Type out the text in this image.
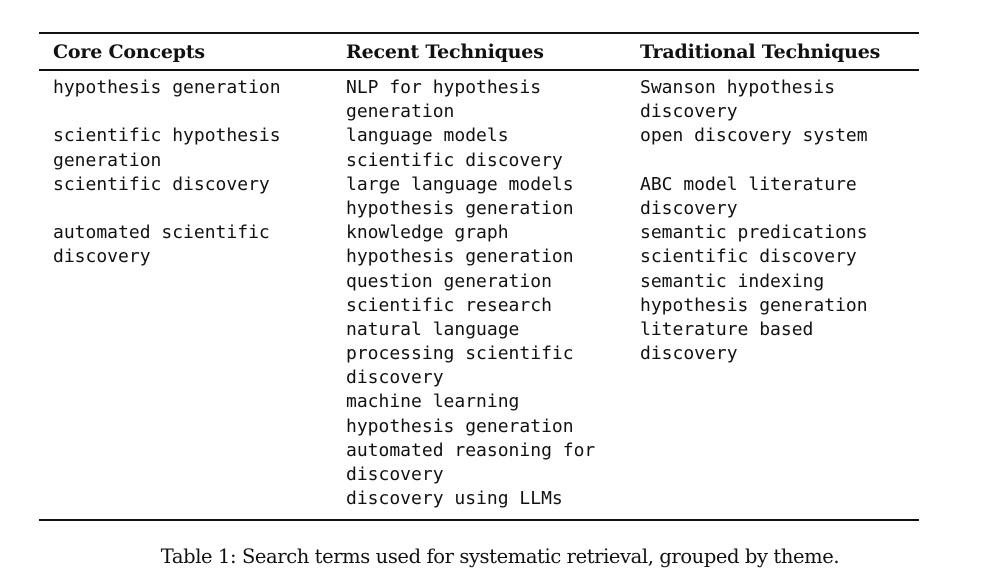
Core Concepts	Recent Techniques	Traditional Techniques
hypothesis generation
scientific hypothesis
generation
scientific discovery
automated scientific
discovery
NLP for hypothesis
generation
language models
scientific discovery
large language models
hypothesis generation
knowledge graph
hypothesis generation
question generation
scientific research
natural language
processing scientific
discovery
machine learning
hypothesis generation
automated reasoning for
discovery
discovery using LLMs
Swanson hypothesis
discovery
open discovery system
ABC model literature
discovery
semantic predications
scientific discovery
semantic indexing
hypothesis generation
literature based
discovery
Table 1: Search terms used for systematic retrieval, grouped by theme.
